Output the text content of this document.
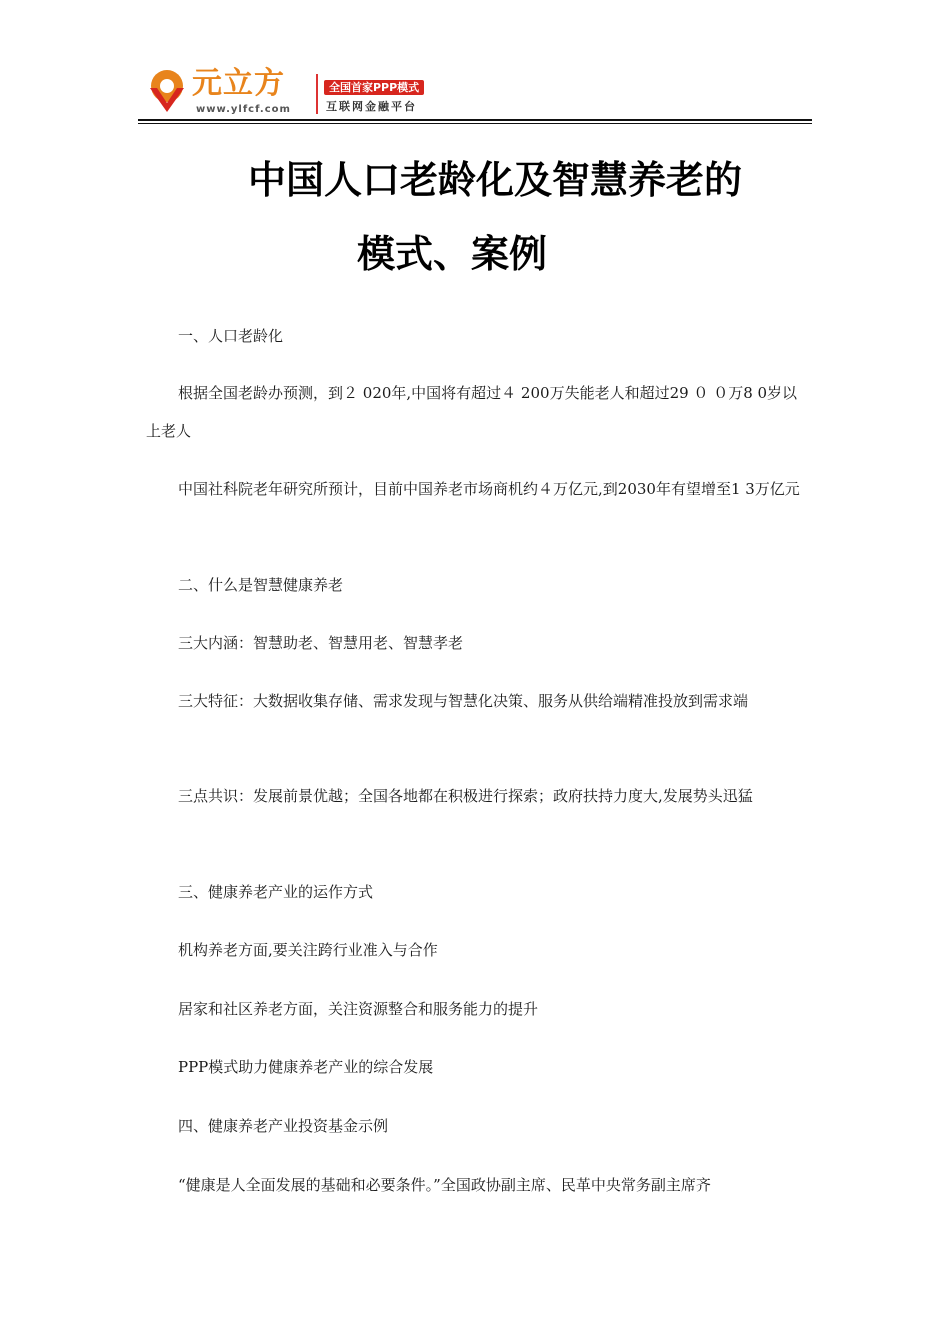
元立方
www.ylfcf.com
全国首家PPP模式
互联网金融平台
中国人口老龄化及智慧养老的
模式、案例
一、人口老龄化
根据全国老龄办预测，到２ 020年,中国将有超过４ 200万失能老人和超过29 ０ ０万8 0岁以上老人
中国社科院老年研究所预计，目前中国养老市场商机约４万亿元,到2030年有望增至1 3万亿元
二、什么是智慧健康养老
三大内涵：智慧助老、智慧用老、智慧孝老
三大特征：大数据收集存储、需求发现与智慧化决策、服务从供给端精准投放到需求端
三点共识：发展前景优越；全国各地都在积极进行探索；政府扶持力度大,发展势头迅猛
三、健康养老产业的运作方式
机构养老方面,要关注跨行业准入与合作
居家和社区养老方面，关注资源整合和服务能力的提升
PPP模式助力健康养老产业的综合发展
四、健康养老产业投资基金示例
“健康是人全面发展的基础和必要条件。”全国政协副主席、民革中央常务副主席齐
